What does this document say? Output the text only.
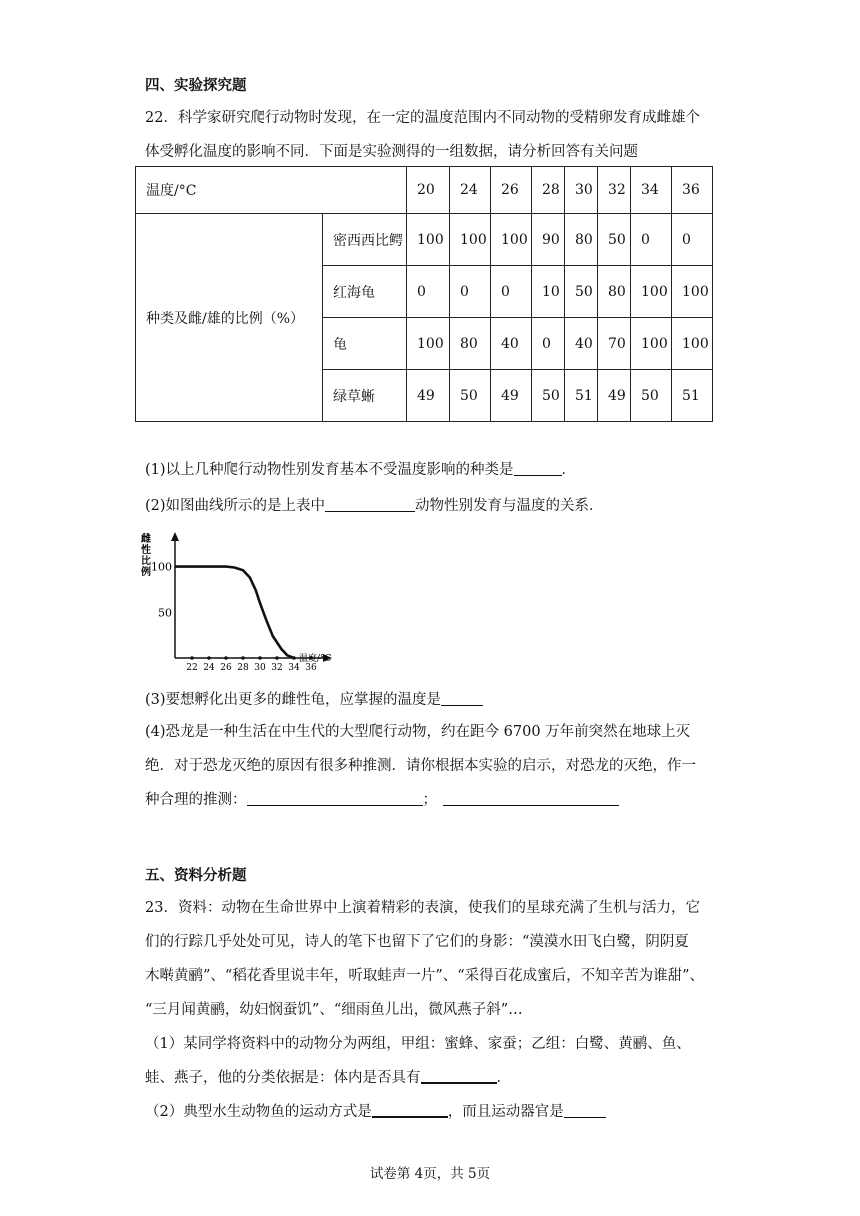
四、实验探究题
22．科学家研究爬行动物时发现，在一定的温度范围内不同动物的受精卵发育成雌雄个
体受孵化温度的影响不同．下面是实验测得的一组数据，请分析回答有关问题
温度/°C		20	24	26	28	30	32	34	36
种类及雌/雄的比例（%）	密西西比鳄	100	100	100	90	80	50	0	0
	红海龟	0	0	0	10	50	80	100	100
	龟	100	80	40	0	40	70	100	100
	绿草蜥	49	50	49	50	51	49	50	51
(1)以上几种爬行动物性别发育基本不受温度影响的种类是	．
(2)如图曲线所示的是上表中	动物性别发育与温度的关系．
雌
性
比
例 100
50
22 24 26 28 30 32 34 36
温度/°C
(3)要想孵化出更多的雌性龟，应掌握的温度是
(4)恐龙是一种生活在中生代的大型爬行动物，约在距今 6700 万年前突然在地球上灭
绝．对于恐龙灭绝的原因有很多种推测．请你根据本实验的启示，对恐龙的灭绝，作一
种合理的推测：	；
五、资料分析题
23．资料：动物在生命世界中上演着精彩的表演，使我们的星球充满了生机与活力，它
们的行踪几乎处处可见，诗人的笔下也留下了它们的身影：“漠漠水田飞白鹭，阴阴夏
木啭黄鹂”、“稻花香里说丰年，听取蛙声一片”、“采得百花成蜜后，不知辛苦为谁甜”、
“三月闻黄鹂，幼妇悯蚕饥”、“细雨鱼儿出，微风燕子斜”…
（1）某同学将资料中的动物分为两组，甲组：蜜蜂、家蚕；乙组：白鹭、黄鹂、鱼、
蛙、燕子，他的分类依据是：体内是否具有	．
（2）典型水生动物鱼的运动方式是	，而且运动器官是
试卷第 4页，共 5页
